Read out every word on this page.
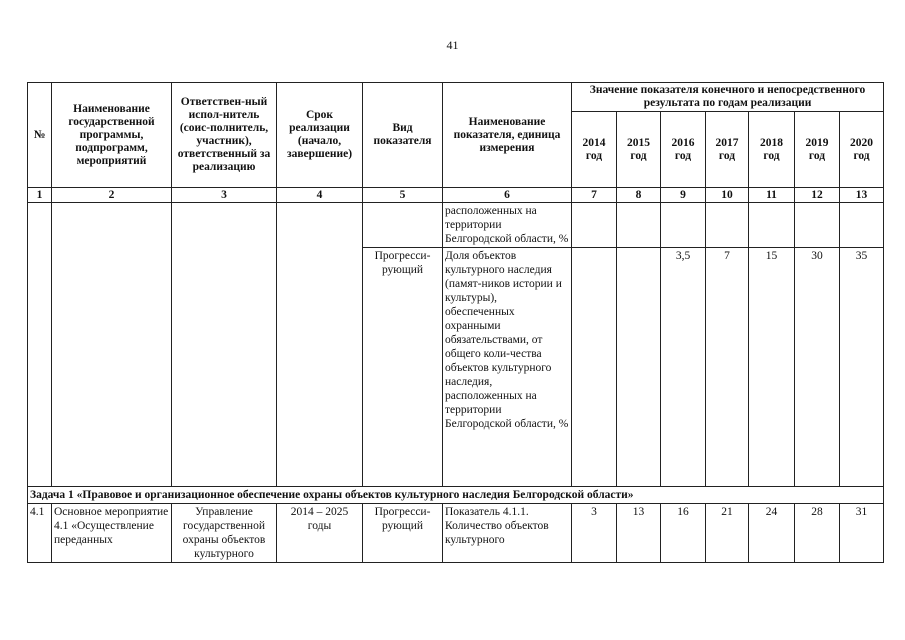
41
№	Наименование государственной программы, подпрограмм, мероприятий	Ответствен-ный испол-нитель (соис-полнитель, участник), ответственный за реализацию	Срок реализации (начало, завершение)	Вид показателя	Наименование показателя, единица измерения	Значение показателя конечного и непосредственного результата по годам реализации						
						2014 год	2015 год	2016 год	2017 год	2018 год	2019 год	2020 год
1	2	3	4	5	6	7	8	9	10	11	12	13
					расположенных на территории Белгородской области, %							
				Прогресси-рующий	Доля объектов культурного наследия (памят-ников истории и культуры), обеспеченных охранными обязательствами, от общего коли-чества объектов культурного наследия, расположенных на территории Белгородской области, %			3,5	7	15	30	35
Задача 1 «Правовое и организационное обеспечение охраны объектов культурного наследия Белгородской области»												
4.1	Основное мероприятие 4.1 «Осуществление переданных	Управление государственной охраны объектов культурного	2014 – 2025 годы	Прогресси-рующий	Показатель 4.1.1. Количество объектов культурного	3	13	16	21	24	28	31
